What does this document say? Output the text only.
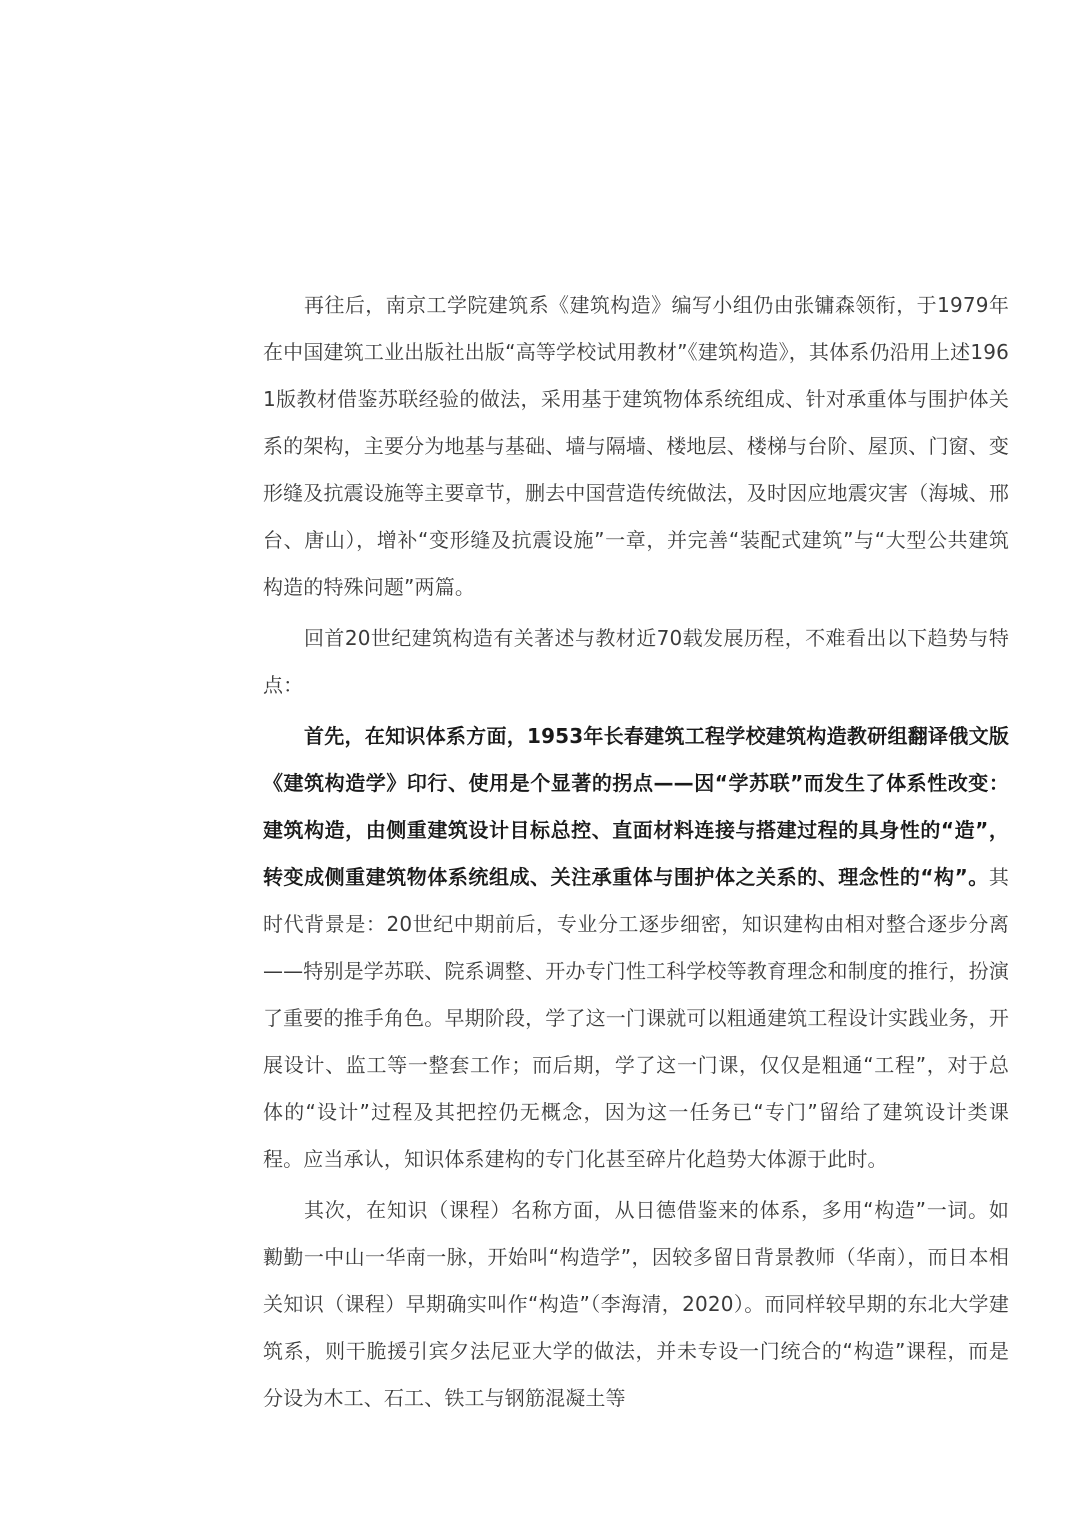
再往后，南京工学院建筑系《建筑构造》编写小组仍由张镛森领衔，于1979年在中国建筑工业出版社出版“高等学校试用教材”《建筑构造》，其体系仍沿用上述1961版教材借鉴苏联经验的做法，采用基于建筑物体系统组成、针对承重体与围护体关系的架构，主要分为地基与基础、墙与隔墙、楼地层、楼梯与台阶、屋顶、门窗、变形缝及抗震设施等主要章节，删去中国营造传统做法，及时因应地震灾害（海城、邢台、唐山），增补“变形缝及抗震设施”一章，并完善“装配式建筑”与“大型公共建筑构造的特殊问题”两篇。

回首20世纪建筑构造有关著述与教材近70载发展历程，不难看出以下趋势与特点：

首先，在知识体系方面，1953年长春建筑工程学校建筑构造教研组翻译俄文版《建筑构造学》印行、使用是个显著的拐点——因“学苏联”而发生了体系性改变：建筑构造，由侧重建筑设计目标总控、直面材料连接与搭建过程的具身性的“造”，转变成侧重建筑物体系统组成、关注承重体与围护体之关系的、理念性的“构”。其时代背景是：20世纪中期前后，专业分工逐步细密，知识建构由相对整合逐步分离——特别是学苏联、院系调整、开办专门性工科学校等教育理念和制度的推行，扮演了重要的推手角色。早期阶段，学了这一门课就可以粗通建筑工程设计实践业务，开展设计、监工等一整套工作；而后期，学了这一门课，仅仅是粗通“工程”，对于总体的“设计”过程及其把控仍无概念，因为这一任务已“专门”留给了建筑设计类课程。应当承认，知识体系建构的专门化甚至碎片化趋势大体源于此时。

其次，在知识（课程）名称方面，从日德借鉴来的体系，多用“构造”一词。如勷勤一中山一华南一脉，开始叫“构造学”，因较多留日背景教师（华南），而日本相关知识（课程）早期确实叫作“构造”（李海清，2020）。而同样较早期的东北大学建筑系，则干脆援引宾夕法尼亚大学的做法，并未专设一门统合的“构造”课程，而是分设为木工、石工、铁工与钢筋混凝土等
